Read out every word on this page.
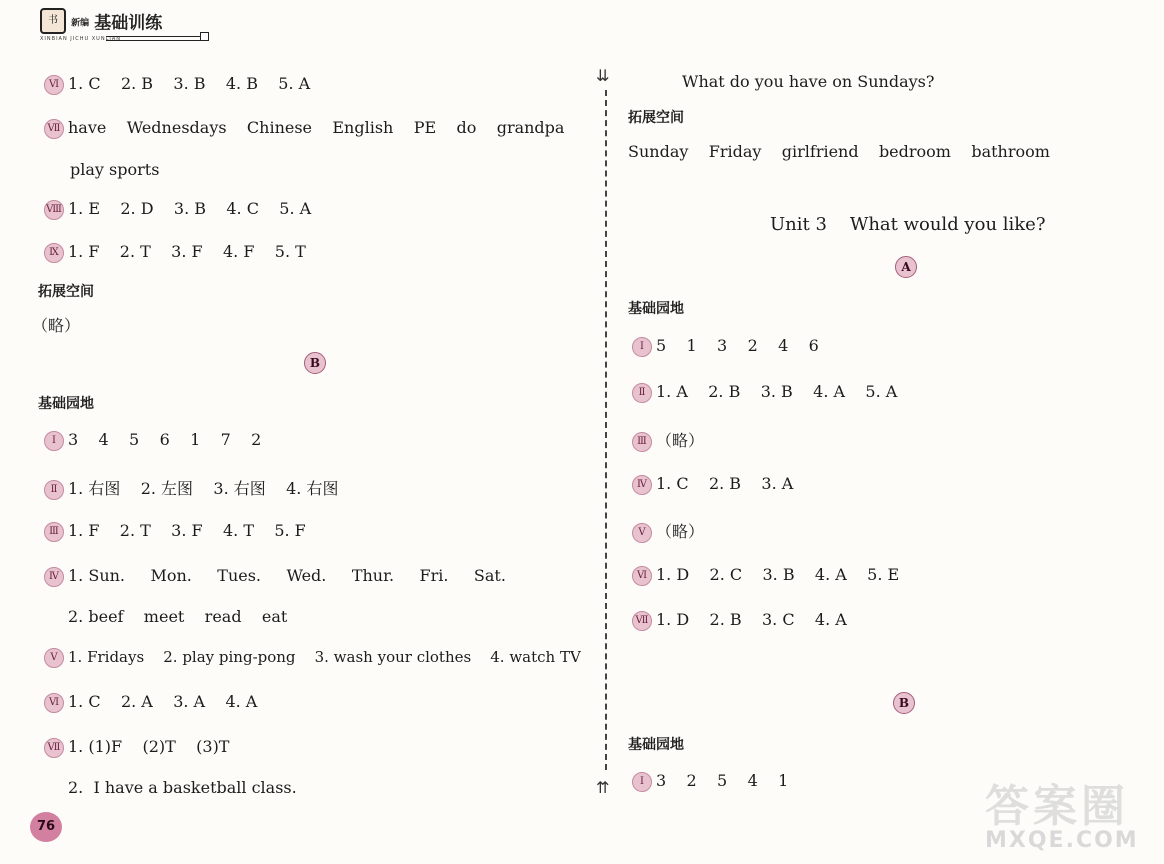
书 新编 基础训练
XINBIAN JICHU XUNLIAN
Ⅵ 1. C    2. B    3. B    4. B    5. A
Ⅶ have    Wednesdays    Chinese    English    PE    do    grandpa
play sports
Ⅷ 1. E    2. D    3. B    4. C    5. A
Ⅸ 1. F    2. T    3. F    4. F    5. T
拓展空间
（略）
B
基础园地
Ⅰ 3    4    5    6    1    7    2
Ⅱ 1. 右图    2. 左图    3. 右图    4. 右图
Ⅲ 1. F    2. T    3. F    4. T    5. F
Ⅳ 1. Sun.     Mon.     Tues.     Wed.     Thur.     Fri.     Sat.
2. beef    meet    read    eat
Ⅴ 1. Fridays    2. play ping-pong    3. wash your clothes    4. watch TV
Ⅵ 1. C    2. A    3. A    4. A
Ⅶ 1. (1)F    (2)T    (3)T
2.  I have a basketball class.
76
⇊
⇈
What do you have on Sundays?
拓展空间
Sunday    Friday    girlfriend    bedroom    bathroom
Unit 3    What would you like?
A
基础园地
Ⅰ 5    1    3    2    4    6
Ⅱ 1. A    2. B    3. B    4. A    5. A
Ⅲ （略）
Ⅳ 1. C    2. B    3. A
Ⅴ （略）
Ⅵ 1. D    2. C    3. B    4. A    5. E
Ⅶ 1. D    2. B    3. C    4. A
B
基础园地
Ⅰ 3    2    5    4    1
答案圈
MXQE.COM
